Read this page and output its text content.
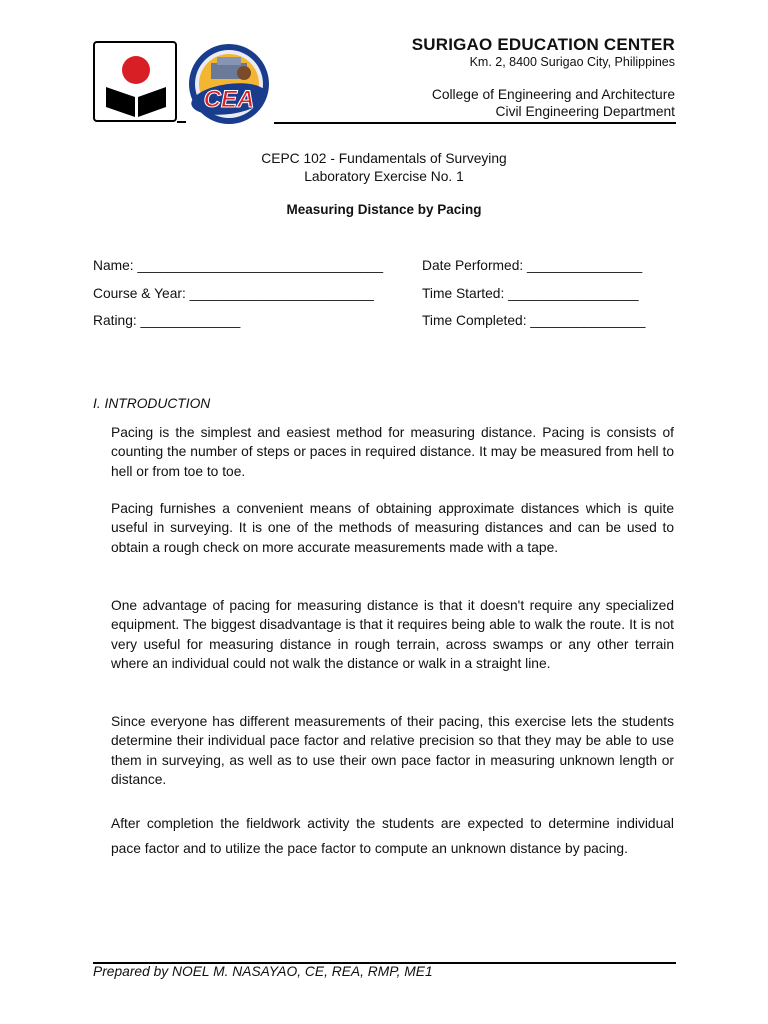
CEA
SURIGAO EDUCATION CENTER
Km. 2, 8400 Surigao City, Philippines
College of Engineering and Architecture
Civil Engineering Department
CEPC 102 - Fundamentals of Surveying
Laboratory Exercise No. 1
Measuring Distance by Pacing
Name: ________________________________	Date Performed: _______________
Course & Year: ________________________	Time Started: _________________
Rating: _____________	Time Completed: _______________
I. INTRODUCTION

Pacing is the simplest and easiest method for measuring distance. Pacing is consists of counting the number of steps or paces in required distance. It may be measured from hell to hell or from toe to toe.

Pacing furnishes a convenient means of obtaining approximate distances which is quite useful in surveying. It is one of the methods of measuring distances and can be used to obtain a rough check on more accurate measurements made with a tape.

One advantage of pacing for measuring distance is that it doesn't require any specialized equipment. The biggest disadvantage is that it requires being able to walk the route. It is not very useful for measuring distance in rough terrain, across swamps or any other terrain where an individual could not walk the distance or walk in a straight line.

Since everyone has different measurements of their pacing, this exercise lets the students determine their individual pace factor and relative precision so that they may be able to use them in surveying, as well as to use their own pace factor in measuring unknown length or distance.

After completion the fieldwork activity the students are expected to determine individual pace factor and to utilize the pace factor to compute an unknown distance by pacing.

Prepared by NOEL M. NASAYAO, CE, REA, RMP, ME1
